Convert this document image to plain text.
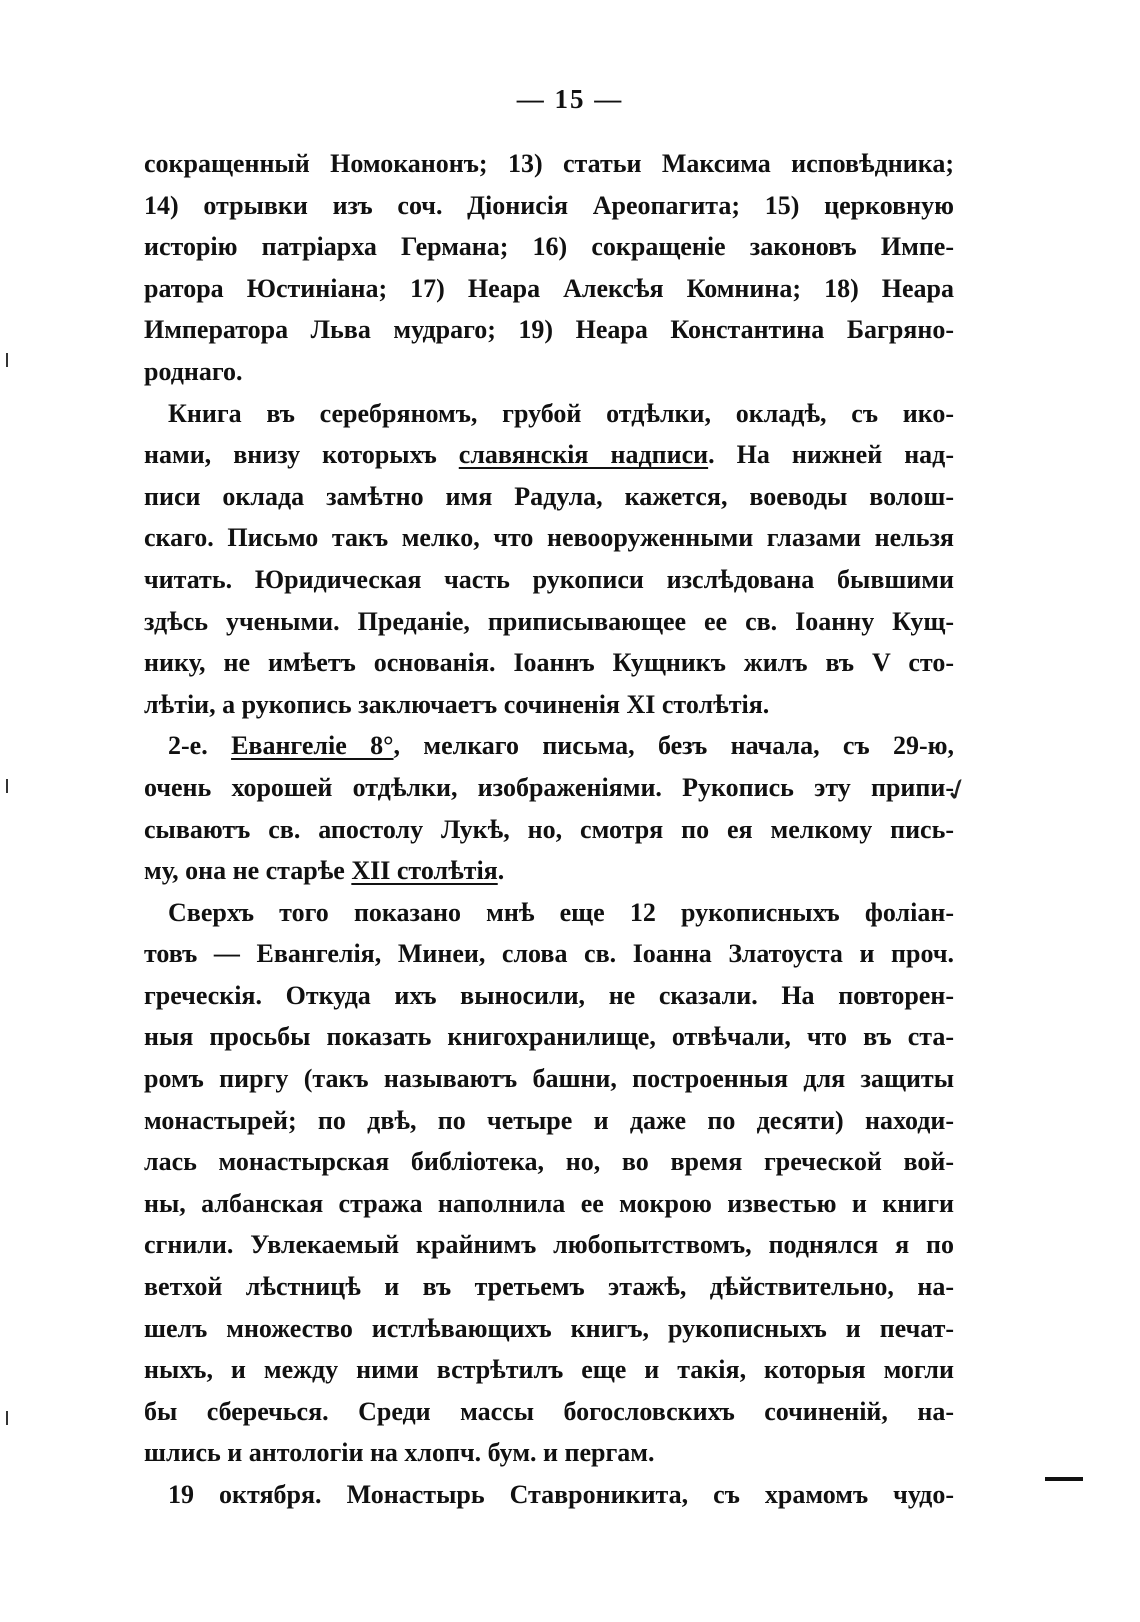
— 15 —
сокращенный Номоканонъ; 13) статьи Максима исповѣдника;
14) отрывки изъ соч. Діонисія Ареопагита; 15) церковную
исторію патріарха Германа; 16) сокращеніе законовъ Импе-
ратора Юстиніана; 17) Неара Алексѣя Комнина; 18) Неара
Императора Льва мудраго; 19) Неара Константина Багряно-
роднаго.
Книга въ серебряномъ, грубой отдѣлки, окладѣ, съ ико-
нами, внизу которыхъ славянскія надписи. На нижней над-
писи оклада замѣтно имя Радула, кажется, воеводы волош-
скаго. Письмо такъ мелко, что невооруженными глазами нельзя
читать. Юридическая часть рукописи изслѣдована бывшими
здѣсь учеными. Преданіе, приписывающее ее св. Іоанну Кущ-
нику, не имѣетъ основанія. Іоаннъ Кущникъ жилъ въ V сто-
лѣтіи, а рукопись заключаетъ сочиненія XI столѣтія.
2-е. Евангеліе 8°, мелкаго письма, безъ начала, съ 29-ю,
очень хорошей отдѣлки, изображеніями. Рукопись эту припи-
сываютъ св. апостолу Лукѣ, но, смотря по ея мелкому пись-
му, она не старѣе XII столѣтія.
Сверхъ того показано мнѣ еще 12 рукописныхъ фоліан-
товъ — Евангелія, Минеи, слова св. Іоанна Златоуста и проч.
греческія. Откуда ихъ выносили, не сказали. На повторен-
ныя просьбы показать книгохранилище, отвѣчали, что въ ста-
ромъ пиргу (такъ называютъ башни, построенныя для защиты
монастырей; по двѣ, по четыре и даже по десяти) находи-
лась монастырская библіотека, но, во время греческой вой-
ны, албанская стража наполнила ее мокрою известью и книги
сгнили. Увлекаемый крайнимъ любопытствомъ, поднялся я по
ветхой лѣстницѣ и въ третьемъ этажѣ, дѣйствительно, на-
шелъ множество истлѣвающихъ книгъ, рукописныхъ и печат-
ныхъ, и между ними встрѣтилъ еще и такія, которыя могли
бы сберечься. Среди массы богословскихъ сочиненій, на-
шлись и антологіи на хлопч. бум. и пергам.
19 октября. Монастырь Ставроникита, съ храмомъ чудо-
✓
